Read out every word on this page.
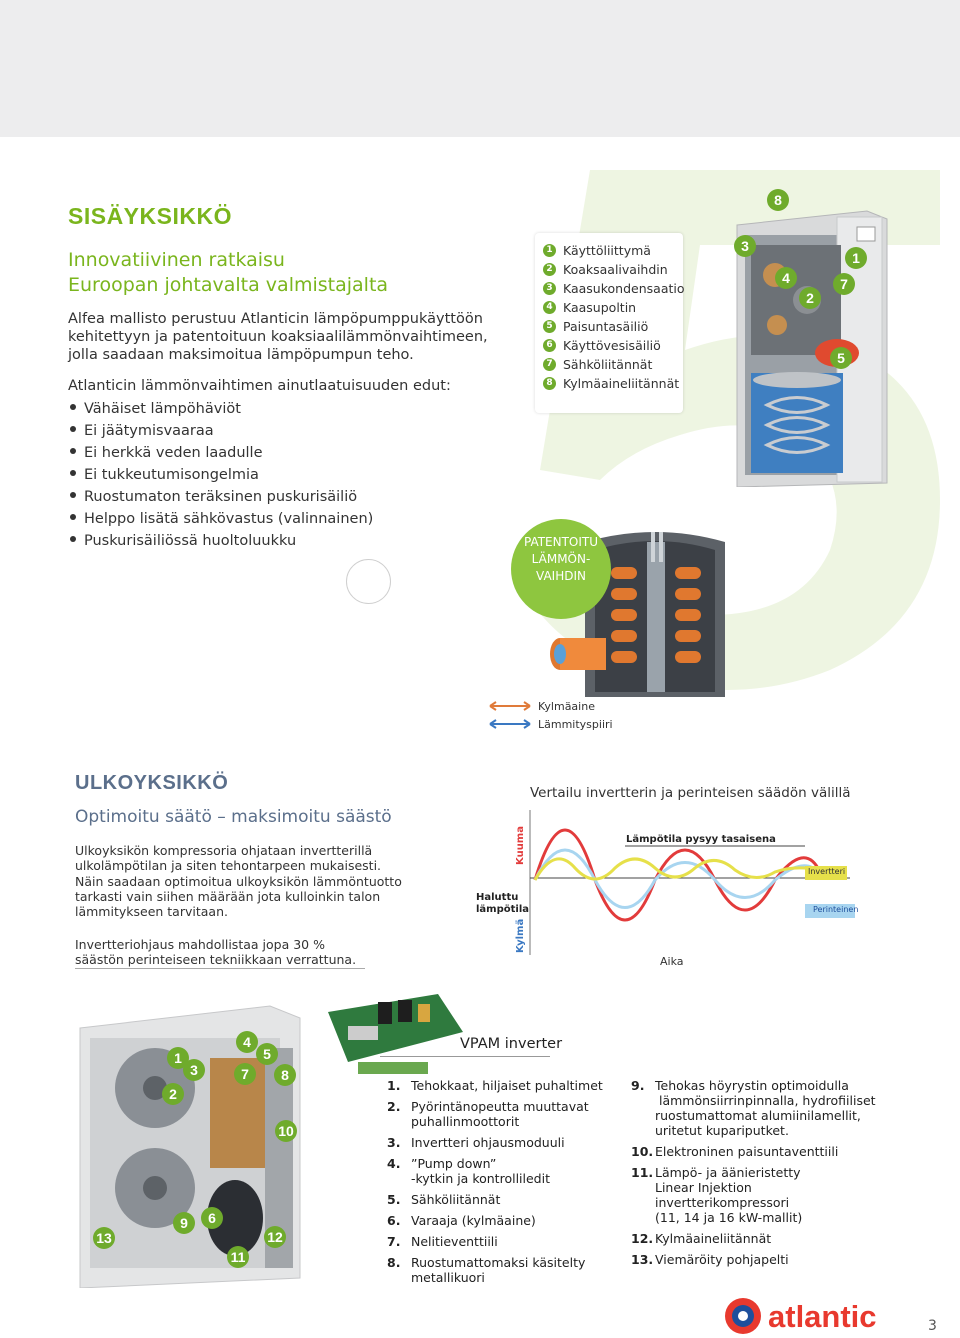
SISÄYKSIKKÖ
Innovatiivinen ratkaisu
Euroopan johtavalta valmistajalta
Alfea mallisto perustuu Atlanticin lämpöpumppukäyttöön
kehitettyyn ja patentoituun koaksiaalilämmönvaihtimeen,
jolla saadaan maksimoitua lämpöpumpun teho.
Atlanticin lämmönvaihtimen ainutlaatuisuuden edut:
Vähäiset lämpöhäviöt
Ei jäätymisvaaraa
Ei herkkä veden laadulle
Ei tukkeutumisongelmia
Ruostumaton teräksinen puskurisäiliö
Helppo lisätä sähkövastus (valinnainen)
Puskurisäiliössä huoltoluukku
1 Käyttöliittymä
2 Koaksaalivaihdin
3 Kaasukondensaatio
4 Kaasupoltin
5 Paisuntasäiliö
6 Käyttövesisäiliö
7 Sähköliitännät
8 Kylmäaineliitännät
8
3
4
2
7
1
5
PATENTOITU
LÄMMÖN-
VAIHDIN
Kylmäaine
Lämmityspiiri
ULKOYKSIKKÖ
Optimoitu säätö – maksimoitu säästö
Ulkoyksikön kompressoria ohjataan invertterillä
ulkolämpötilan ja siten tehontarpeen mukaisesti.
Näin saadaan optimoitua ulkoyksikön lämmöntuotto
tarkasti vain siihen määrään jota kulloinkin talon
lämmitykseen tarvitaan.
Invertteriohjaus mahdollistaa jopa 30 %
säästön perinteiseen tekniikkaan verrattuna.
Vertailu invertterin ja perinteisen säädön välillä
Kuuma
Kylmä
Haluttu
lämpötila
Lämpötila pysyy tasaisena
Invertteri
Perinteinen
Aika
4
5
1
3	7	8
2
10
9	6
13	12
11
VPAM inverter
1. Tehokkaat, hiljaiset puhaltimet
2. Pyörintänopeutta muuttavat
puhallinmoottorit
3. Invertteri ohjausmoduuli
4. ”Pump down”
-kytkin ja kontrolliledit
5. Sähköliitännät
6. Varaaja (kylmäaine)
7. Nelitieventtiili
8. Ruostumattomaksi käsitelty
metallikuori
9. Tehokas höyrystin optimoidulla
lämmönsiirrinpinnalla, hydrofiiliset
ruostumattomat alumiinilamellit,
uritetut kupariputket.
10. Elektroninen paisuntaventtiili
11. Lämpö- ja äänieristetty
Linear Injektion
invertterikompressori
(11, 14 ja 16 kW-mallit)
12. Kylmäaineliitännät
13. Viemäröity pohjapelti
atlantic	3
